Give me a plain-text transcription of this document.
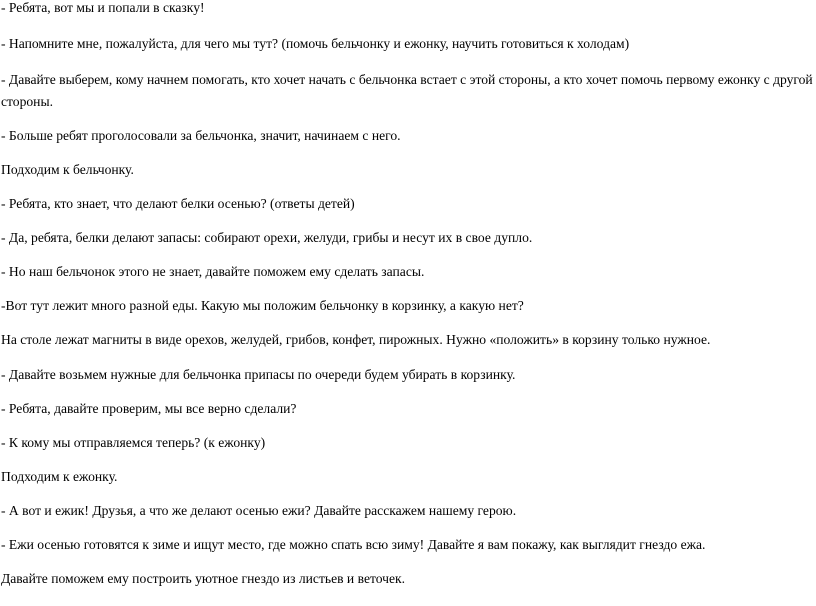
- Ребята, вот мы и попали в сказку!

- Напомните мне, пожалуйста, для чего мы тут? (помочь бельчонку и ежонку, научить готовиться к холодам)

- Давайте выберем, кому начнем помогать, кто хочет начать с бельчонка встает с этой стороны, а кто хочет помочь первому ежонку с другой стороны.

- Больше ребят проголосовали за бельчонка, значит, начинаем с него.

Подходим к бельчонку.

- Ребята, кто знает, что делают белки осенью? (ответы детей)

- Да, ребята, белки делают запасы: собирают орехи, желуди, грибы и несут их в свое дупло.

- Но наш бельчонок этого не знает, давайте поможем ему сделать запасы.

-Вот тут лежит много разной еды. Какую мы положим бельчонку в корзинку, а какую нет?

На столе лежат магниты в виде орехов, желудей, грибов, конфет, пирожных. Нужно «положить» в корзину только нужное.

- Давайте возьмем нужные для бельчонка припасы по очереди будем убирать в корзинку.

- Ребята, давайте проверим, мы все верно сделали?

- К кому мы отправляемся теперь? (к ежонку)

Подходим к ежонку.

- А вот и ежик! Друзья, а что же делают осенью ежи? Давайте расскажем нашему герою.

- Ежи осенью готовятся к зиме и ищут место, где можно спать всю зиму! Давайте я вам покажу, как выглядит гнездо ежа.

Давайте поможем ему построить уютное гнездо из листьев и веточек.
